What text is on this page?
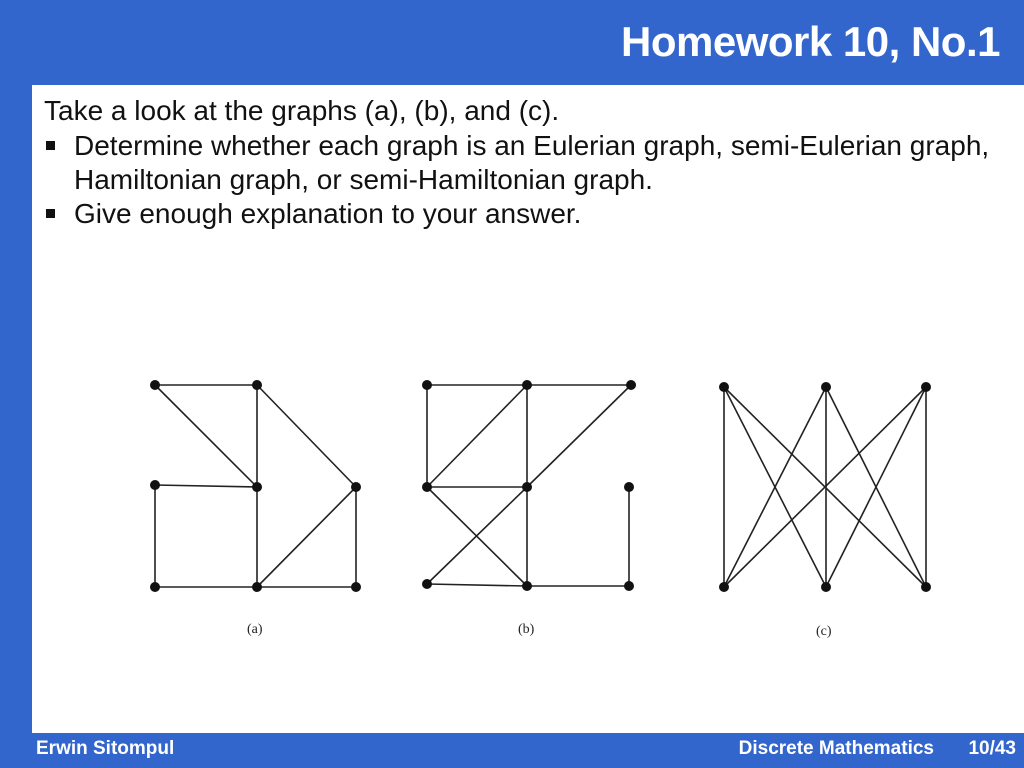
Homework 10, No.1

Take a look at the graphs (a), (b), and (c).

Determine whether each graph is an Eulerian graph, semi-Eulerian graph, Hamiltonian graph, or semi-Hamiltonian graph.
Give enough explanation to your answer.
(a)	(b)	(c)
Erwin Sitompul	Discrete Mathematics 10/43
